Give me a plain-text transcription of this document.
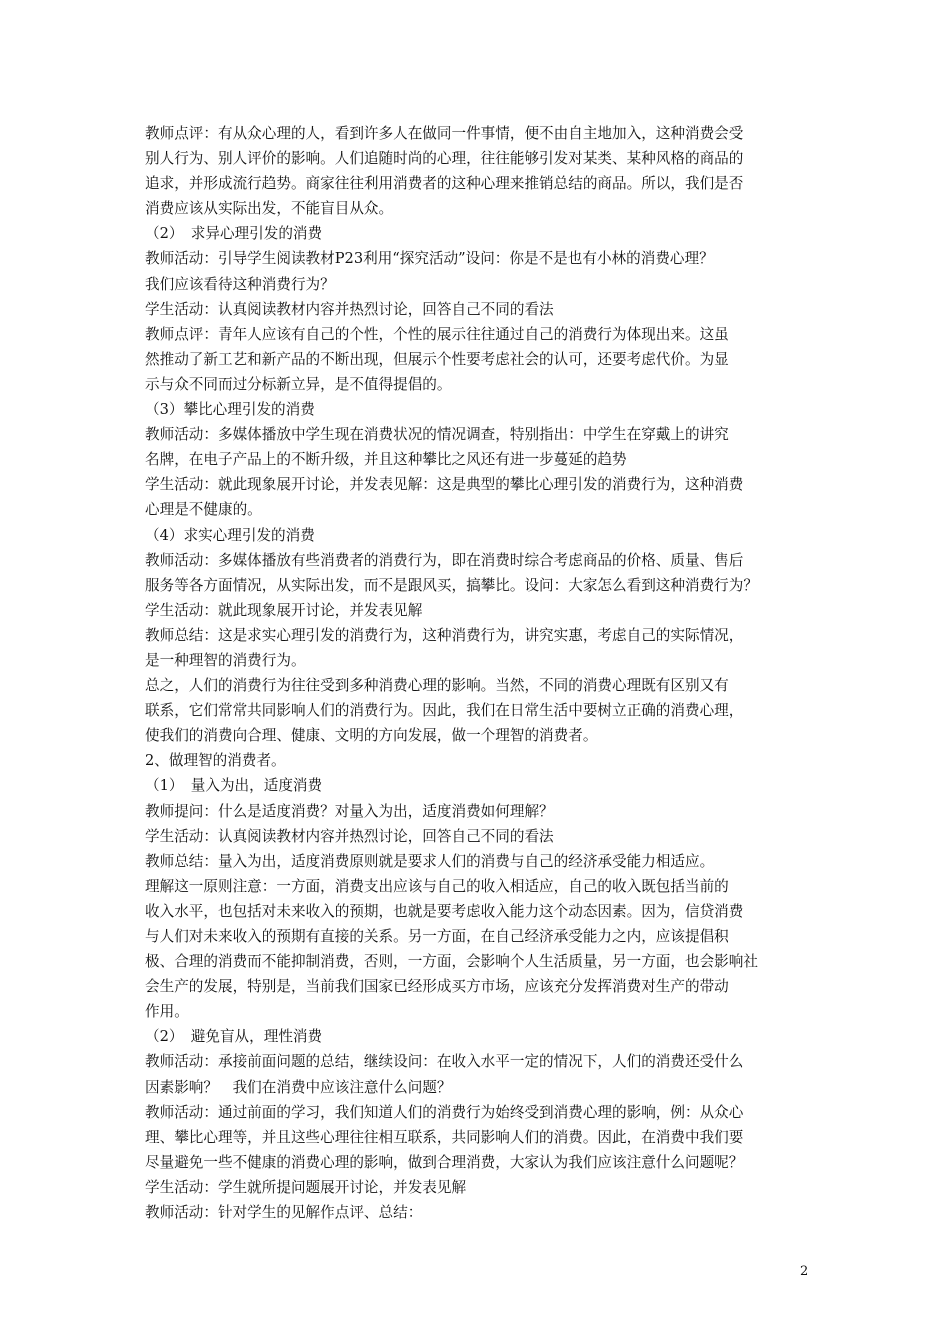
教师点评：有从众心理的人，看到许多人在做同一件事情，便不由自主地加入，这种消费会受
别人行为、别人评价的影响。人们追随时尚的心理，往往能够引发对某类、某种风格的商品的
追求，并形成流行趋势。商家往往利用消费者的这种心理来推销总结的商品。所以，我们是否
消费应该从实际出发，不能盲目从众。
（2）　求异心理引发的消费
教师活动：引导学生阅读教材P23利用“探究活动”设问：你是不是也有小林的消费心理？
我们应该看待这种消费行为？
学生活动：认真阅读教材内容并热烈讨论，回答自己不同的看法
教师点评：青年人应该有自己的个性，个性的展示往往通过自己的消费行为体现出来。这虽
然推动了新工艺和新产品的不断出现，但展示个性要考虑社会的认可，还要考虑代价。为显
示与众不同而过分标新立异，是不值得提倡的。
（3）攀比心理引发的消费
教师活动：多媒体播放中学生现在消费状况的情况调查，特别指出：中学生在穿戴上的讲究
名牌，在电子产品上的不断升级，并且这种攀比之风还有进一步蔓延的趋势
学生活动：就此现象展开讨论，并发表见解：这是典型的攀比心理引发的消费行为，这种消费
心理是不健康的。
（4）求实心理引发的消费
教师活动：多媒体播放有些消费者的消费行为，即在消费时综合考虑商品的价格、质量、售后
服务等各方面情况，从实际出发，而不是跟风买，搞攀比。设问：大家怎么看到这种消费行为？
学生活动：就此现象展开讨论，并发表见解
教师总结：这是求实心理引发的消费行为，这种消费行为，讲究实惠，考虑自己的实际情况，
是一种理智的消费行为。
总之，人们的消费行为往往受到多种消费心理的影响。当然，不同的消费心理既有区别又有
联系，它们常常共同影响人们的消费行为。因此，我们在日常生活中要树立正确的消费心理，
使我们的消费向合理、健康、文明的方向发展，做一个理智的消费者。
2、做理智的消费者。
（1）　量入为出，适度消费
教师提问：什么是适度消费？对量入为出，适度消费如何理解？
学生活动：认真阅读教材内容并热烈讨论，回答自己不同的看法
教师总结：量入为出，适度消费原则就是要求人们的消费与自己的经济承受能力相适应。
理解这一原则注意：一方面，消费支出应该与自己的收入相适应，自己的收入既包括当前的
收入水平，也包括对未来收入的预期，也就是要考虑收入能力这个动态因素。因为，信贷消费
与人们对未来收入的预期有直接的关系。另一方面，在自己经济承受能力之内，应该提倡积
极、合理的消费而不能抑制消费，否则，一方面，会影响个人生活质量，另一方面，也会影响社
会生产的发展，特别是，当前我们国家已经形成买方市场，应该充分发挥消费对生产的带动
作用。
（2）　避免盲从，理性消费
教师活动：承接前面问题的总结，继续设问：在收入水平一定的情况下，人们的消费还受什么
因素影响？　我们在消费中应该注意什么问题？
教师活动：通过前面的学习，我们知道人们的消费行为始终受到消费心理的影响，例：从众心
理、攀比心理等，并且这些心理往往相互联系，共同影响人们的消费。因此，在消费中我们要
尽量避免一些不健康的消费心理的影响，做到合理消费，大家认为我们应该注意什么问题呢？
学生活动：学生就所提问题展开讨论，并发表见解
教师活动：针对学生的见解作点评、总结：
2
